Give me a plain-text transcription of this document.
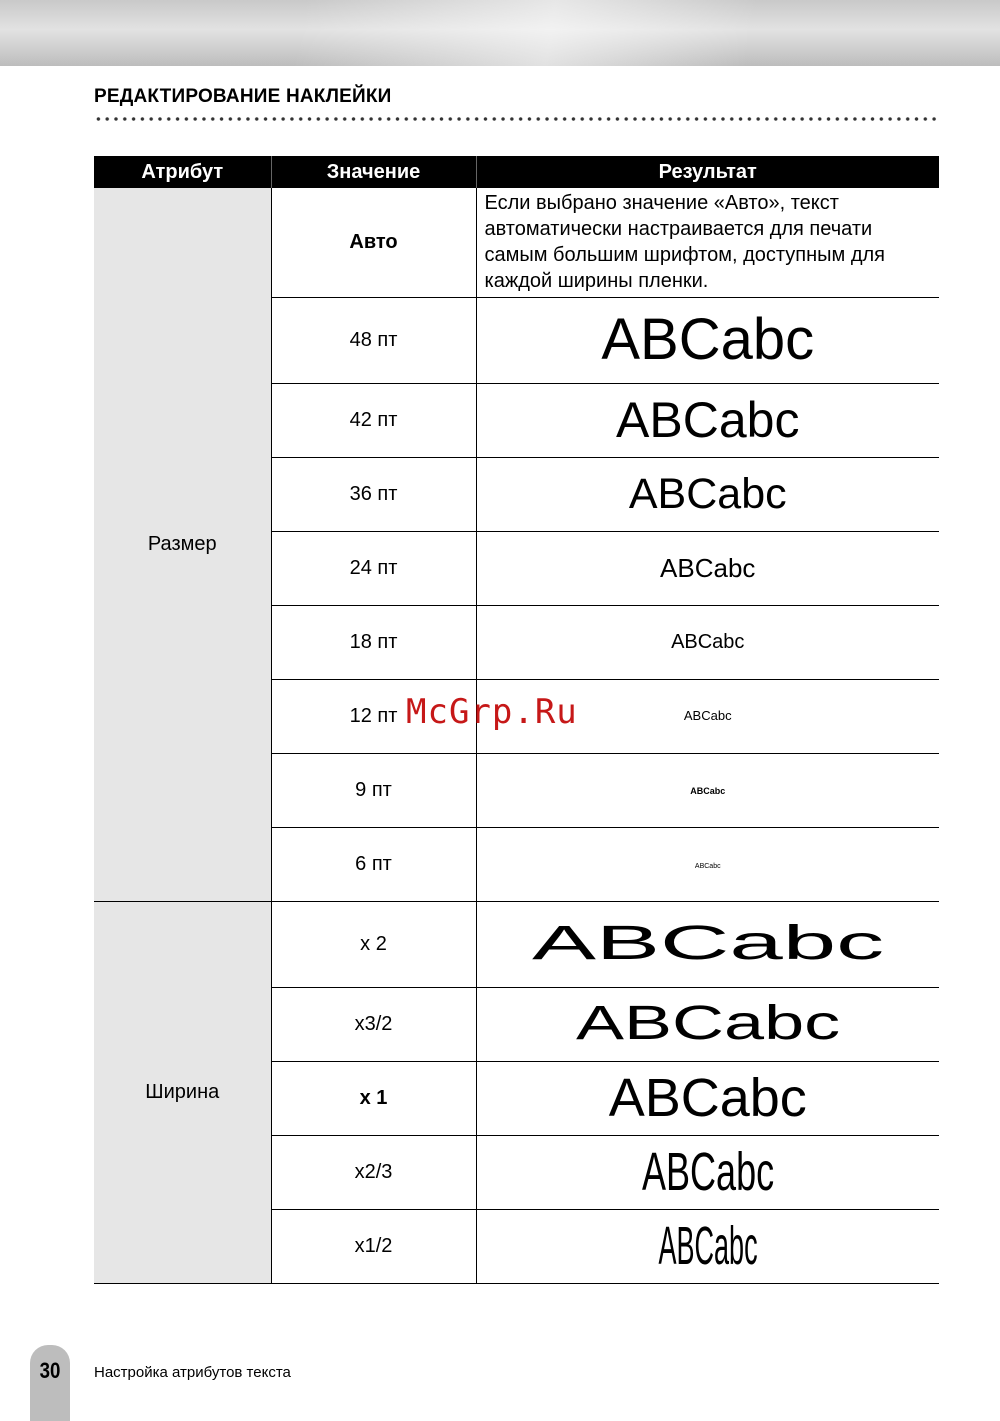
РЕДАКТИРОВАНИЕ НАКЛЕЙКИ
Атрибут	Значение	Результат
Размер	Авто	Если выбрано значение «Авто», текст автоматически настраивается для печати самым большим шрифтом, доступным для каждой ширины пленки.
	48 пт	ABCabc
	42 пт	ABCabc
	36 пт	ABCabc
	24 пт	ABCabc
	18 пт	ABCabc
	12 пт	ABCabc
	9 пт	ABCabc
	6 пт	ABCabc
Ширина	x 2	ABCabc
	x3/2	ABCabc
	x 1	ABCabc
	x2/3	ABCabc
	x1/2	ABCabc
McGrp.Ru
30	Настройка атрибутов текста
